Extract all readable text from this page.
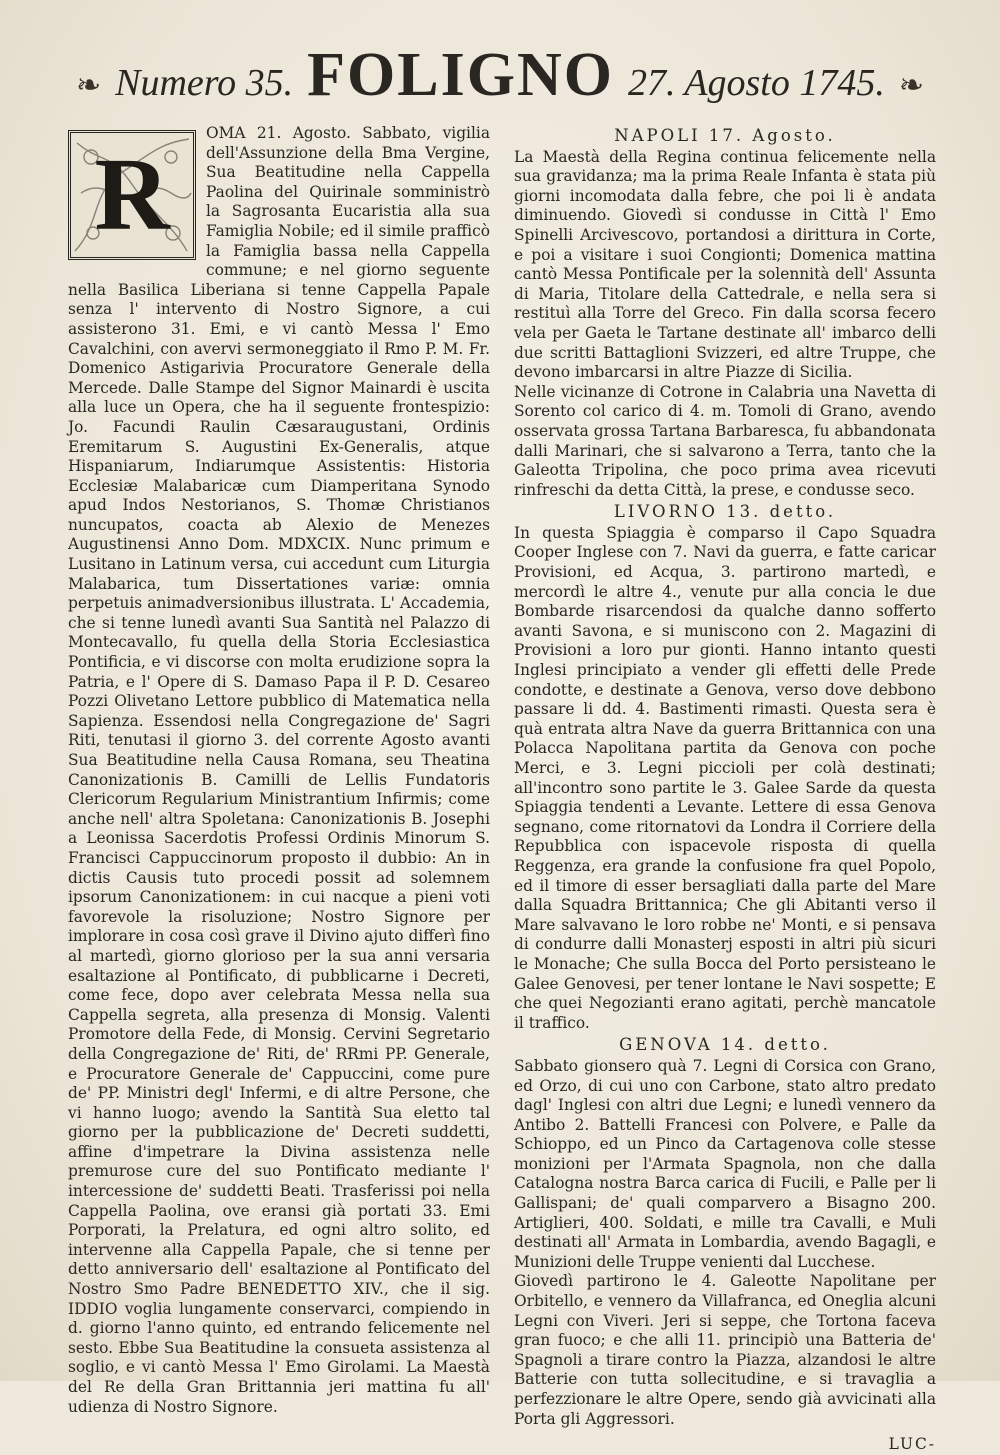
❧ Numero 35. FOLIGNO 27. Agosto 1745. ❧
R

OMA 21. Agosto. Sabbato, vigilia dell'Assunzione della Bma Vergine, Sua Beatitudine nella Cappella Paolina del Quirinale somministrò la Sagrosanta Eucaristia alla sua Famiglia Nobile; ed il simile prafficò la Famiglia bassa nella Cappella commune; e nel giorno seguente nella Basilica Liberiana si tenne Cappella Papale senza l' intervento di Nostro Signore, a cui assisterono 31. Emi, e vi cantò Messa l' Emo Cavalchini, con avervi sermoneggiato il Rmo P. M. Fr. Domenico Astigarivia Procuratore Generale della Mercede. Dalle Stampe del Signor Mainardi è uscita alla luce un Opera, che ha il seguente frontespizio: Jo. Facundi Raulin Cæsaraugustani, Ordinis Eremitarum S. Augustini Ex-Generalis, atque Hispaniarum, Indiarumque Assistentis: Historia Ecclesiæ Malabaricæ cum Diamperitana Synodo apud Indos Nestorianos, S. Thomæ Christianos nuncupatos, coacta ab Alexio de Menezes Augustinensi Anno Dom. MDXCIX. Nunc primum e Lusitano in Latinum versa, cui accedunt cum Liturgia Malabarica, tum Dissertationes variæ: omnia perpetuis animadversionibus illustrata. L' Accademia, che si tenne lunedì avanti Sua Santità nel Palazzo di Montecavallo, fu quella della Storia Ecclesiastica Pontificia, e vi discorse con molta erudizione sopra la Patria, e l' Opere di S. Damaso Papa il P. D. Cesareo Pozzi Olivetano Lettore pubblico di Matematica nella Sapienza. Essendosi nella Congregazione de' Sagri Riti, tenutasi il giorno 3. del corrente Agosto avanti Sua Beatitudine nella Causa Romana, seu Theatina Canonizationis B. Camilli de Lellis Fundatoris Clericorum Regularium Ministrantium Infirmis; come anche nell' altra Spoletana: Canonizationis B. Josephi a Leonissa Sacerdotis Professi Ordinis Minorum S. Francisci Cappuccinorum proposto il dubbio: An in dictis Causis tuto procedi possit ad solemnem ipsorum Canonizationem: in cui nacque a pieni voti favorevole la risoluzione; Nostro Signore per implorare in cosa così grave il Divino ajuto differì fino al martedì, giorno glorioso per la sua anni versaria esaltazione al Pontificato, di pubblicarne i Decreti, come fece, dopo aver celebrata Messa nella sua Cappella segreta, alla presenza di Monsig. Valenti Promotore della Fede, di Monsig. Cervini Segretario della Congregazione de' Riti, de' RRmi PP. Generale, e Procuratore Generale de' Cappuccini, come pure de' PP. Ministri degl' Infermi, e di altre Persone, che vi hanno luogo; avendo la Santità Sua eletto tal giorno per la pubblicazione de' Decreti suddetti, affine d'impetrare la Divina assistenza nelle premurose cure del suo Pontificato mediante l' intercessione de' suddetti Beati. Trasferissi poi nella Cappella Paolina, ove eransi già portati 33. Emi Porporati, la Prelatura, ed ogni altro solito, ed intervenne alla Cappella Papale, che si tenne per detto anniversario dell' esaltazione al Pontificato del Nostro Smo Padre BENEDETTO XIV., che il sig. IDDIO voglia lungamente conservarci, compiendo in d. giorno l'anno quinto, ed entrando felicemente nel sesto. Ebbe Sua Beatitudine la consueta assistenza al soglio, e vi cantò Messa l' Emo Girolami. La Maestà del Re della Gran Brittannia jeri mattina fu all' udienza di Nostro Signore.

NAPOLI 17. Agosto.

La Maestà della Regina continua felicemente nella sua gravidanza; ma la prima Reale Infanta è stata più giorni incomodata dalla febre, che poi li è andata diminuendo. Giovedì si condusse in Città l' Emo Spinelli Arcivescovo, portandosi a dirittura in Corte, e poi a visitare i suoi Congionti; Domenica mattina cantò Messa Pontificale per la solennità dell' Assunta di Maria, Titolare della Cattedrale, e nella sera si restituì alla Torre del Greco. Fin dalla scorsa fecero vela per Gaeta le Tartane destinate all' imbarco delli due scritti Battaglioni Svizzeri, ed altre Truppe, che devono imbarcarsi in altre Piazze di Sicilia.

Nelle vicinanze di Cotrone in Calabria una Navetta di Sorento col carico di 4. m. Tomoli di Grano, avendo osservata grossa Tartana Barbaresca, fu abbandonata dalli Marinari, che si salvarono a Terra, tanto che la Galeotta Tripolina, che poco prima avea ricevuti rinfreschi da detta Città, la prese, e condusse seco.

LIVORNO 13. detto.

In questa Spiaggia è comparso il Capo Squadra Cooper Inglese con 7. Navi da guerra, e fatte caricar Provisioni, ed Acqua, 3. partirono martedì, e mercordì le altre 4., venute pur alla concia le due Bombarde risarcendosi da qualche danno sofferto avanti Savona, e si muniscono con 2. Magazini di Provisioni a loro pur gionti. Hanno intanto questi Inglesi principiato a vender gli effetti delle Prede condotte, e destinate a Genova, verso dove debbono passare li dd. 4. Bastimenti rimasti. Questa sera è quà entrata altra Nave da guerra Brittannica con una Polacca Napolitana partita da Genova con poche Merci, e 3. Legni piccioli per colà destinati; all'incontro sono partite le 3. Galee Sarde da questa Spiaggia tendenti a Levante. Lettere di essa Genova segnano, come ritornatovi da Londra il Corriere della Repubblica con ispacevole risposta di quella Reggenza, era grande la confusione fra quel Popolo, ed il timore di esser bersagliati dalla parte del Mare dalla Squadra Brittannica; Che gli Abitanti verso il Mare salvavano le loro robbe ne' Monti, e si pensava di condurre dalli Monasterj esposti in altri più sicuri le Monache; Che sulla Bocca del Porto persisteano le Galee Genovesi, per tener lontane le Navi sospette; E che quei Negozianti erano agitati, perchè mancatole il traffico.

GENOVA 14. detto.

Sabbato gionsero quà 7. Legni di Corsica con Grano, ed Orzo, di cui uno con Carbone, stato altro predato dagl' Inglesi con altri due Legni; e lunedì vennero da Antibo 2. Battelli Francesi con Polvere, e Palle da Schioppo, ed un Pinco da Cartagenova colle stesse monizioni per l'Armata Spagnola, non che dalla Catalogna nostra Barca carica di Fucili, e Palle per li Gallispani; de' quali comparvero a Bisagno 200. Artiglieri, 400. Soldati, e mille tra Cavalli, e Muli destinati all' Armata in Lombardia, avendo Bagagli, e Munizioni delle Truppe venienti dal Lucchese.

Giovedì partirono le 4. Galeotte Napolitane per Orbitello, e vennero da Villafranca, ed Oneglia alcuni Legni con Viveri. Jeri si seppe, che Tortona faceva gran fuoco; e che alli 11. principiò una Batteria de' Spagnoli a tirare contro la Piazza, alzandosi le altre Batterie con tutta sollecitudine, e si travaglia a perfezzionare le altre Opere, sendo già avvicinati alla Porta gli Aggressori.

LUC-
